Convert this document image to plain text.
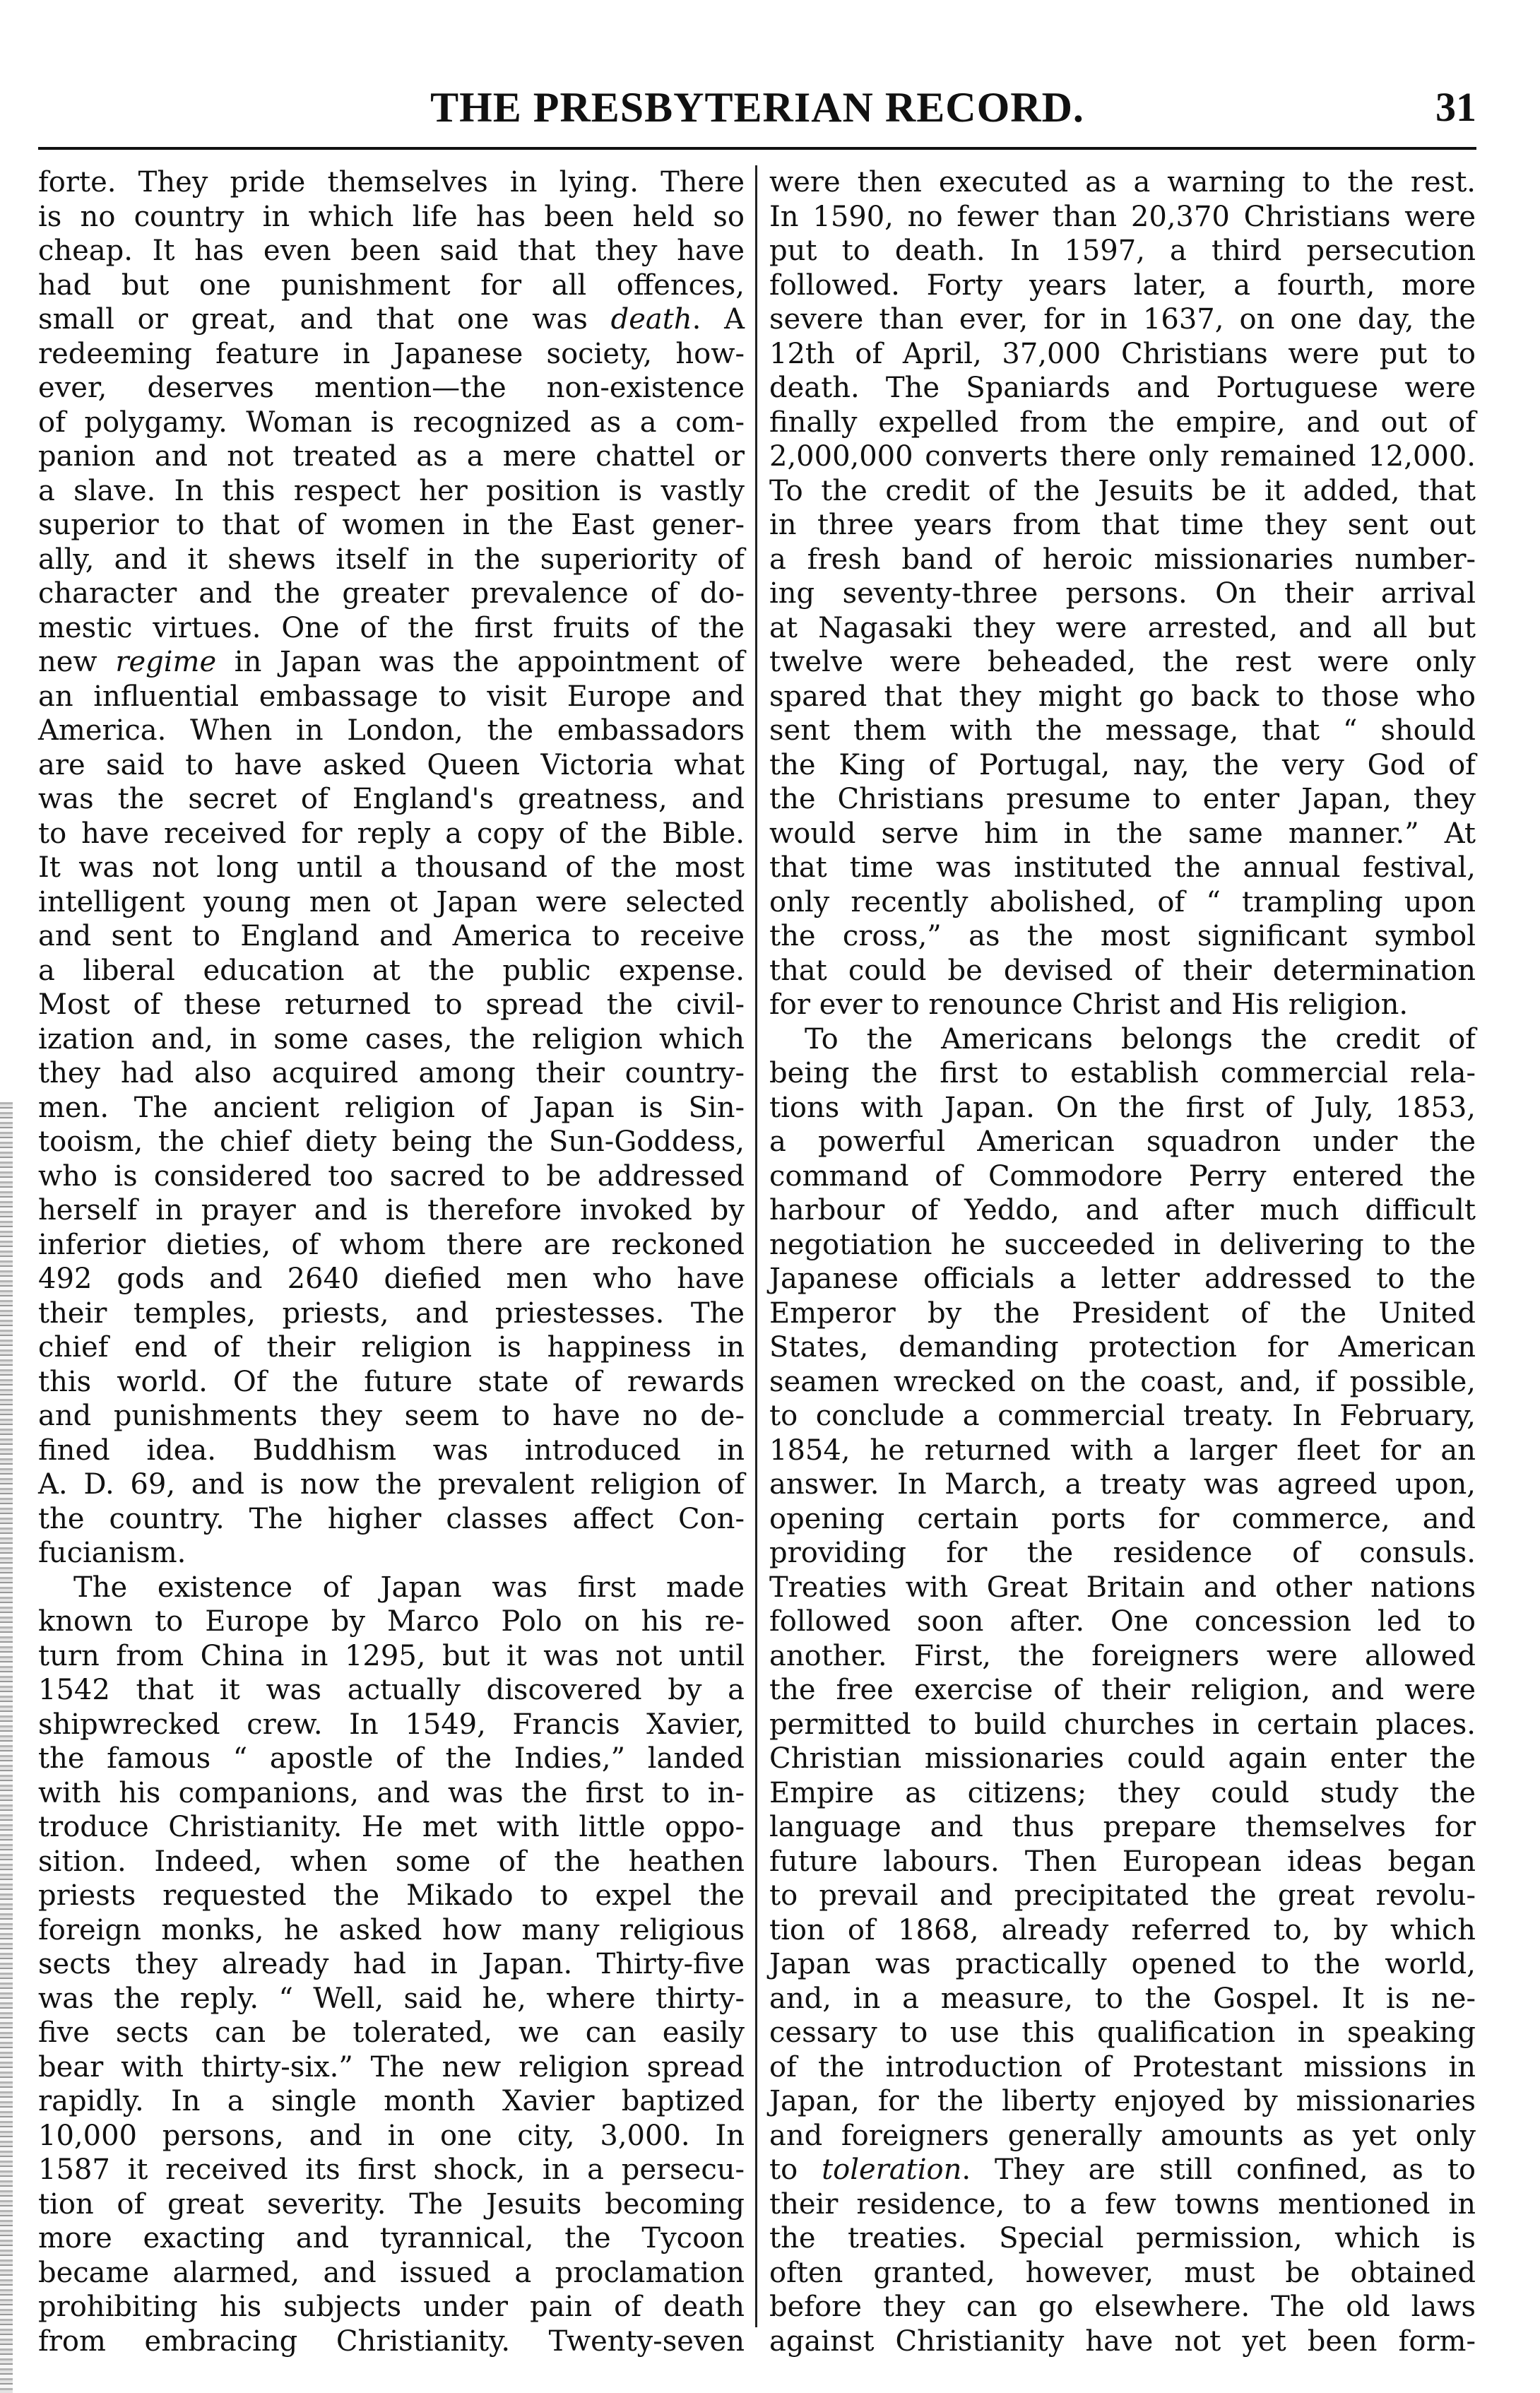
THE PRESBYTERIAN RECORD.	31
forte. They pride themselves in lying. There
is no country in which life has been held so
cheap. It has even been said that they have
had but one punishment for all offences,
small or great, and that one was death. A
redeeming feature in Japanese society, how-
ever, deserves mention—the non-existence
of polygamy. Woman is recognized as a com-
panion and not treated as a mere chattel or
a slave. In this respect her position is vastly
superior to that of women in the East gener-
ally, and it shews itself in the superiority of
character and the greater prevalence of do-
mestic virtues. One of the first fruits of the
new regime in Japan was the appointment of
an influential embassage to visit Europe and
America. When in London, the embassadors
are said to have asked Queen Victoria what
was the secret of England's greatness, and
to have received for reply a copy of the Bible.
It was not long until a thousand of the most
intelligent young men ot Japan were selected
and sent to England and America to receive
a liberal education at the public expense.
Most of these returned to spread the civil-
ization and, in some cases, the religion which
they had also acquired among their country-
men. The ancient religion of Japan is Sin-
tooism, the chief diety being the Sun-Goddess,
who is considered too sacred to be addressed
herself in prayer and is therefore invoked by
inferior dieties, of whom there are reckoned
492 gods and 2640 diefied men who have
their temples, priests, and priestesses. The
chief end of their religion is happiness in
this world. Of the future state of rewards
and punishments they seem to have no de-
fined idea. Buddhism was introduced in
A. D. 69, and is now the prevalent religion of
the country. The higher classes affect Con-
fucianism.
The existence of Japan was first made
known to Europe by Marco Polo on his re-
turn from China in 1295, but it was not until
1542 that it was actually discovered by a
shipwrecked crew. In 1549, Francis Xavier,
the famous “ apostle of the Indies,” landed
with his companions, and was the first to in-
troduce Christianity. He met with little oppo-
sition. Indeed, when some of the heathen
priests requested the Mikado to expel the
foreign monks, he asked how many religious
sects they already had in Japan. Thirty-five
was the reply. “ Well, said he, where thirty-
five sects can be tolerated, we can easily
bear with thirty-six.” The new religion spread
rapidly. In a single month Xavier baptized
10,000 persons, and in one city, 3,000. In
1587 it received its first shock, in a persecu-
tion of great severity. The Jesuits becoming
more exacting and tyrannical, the Tycoon
became alarmed, and issued a proclamation
prohibiting his subjects under pain of death
from embracing Christianity. Twenty-seven
were then executed as a warning to the rest.
In 1590, no fewer than 20,370 Christians were
put to death. In 1597, a third persecution
followed. Forty years later, a fourth, more
severe than ever, for in 1637, on one day, the
12th of April, 37,000 Christians were put to
death. The Spaniards and Portuguese were
finally expelled from the empire, and out of
2,000,000 converts there only remained 12,000.
To the credit of the Jesuits be it added, that
in three years from that time they sent out
a fresh band of heroic missionaries number-
ing seventy-three persons. On their arrival
at Nagasaki they were arrested, and all but
twelve were beheaded, the rest were only
spared that they might go back to those who
sent them with the message, that “ should
the King of Portugal, nay, the very God of
the Christians presume to enter Japan, they
would serve him in the same manner.” At
that time was instituted the annual festival,
only recently abolished, of “ trampling upon
the cross,” as the most significant symbol
that could be devised of their determination
for ever to renounce Christ and His religion.
To the Americans belongs the credit of
being the first to establish commercial rela-
tions with Japan. On the first of July, 1853,
a powerful American squadron under the
command of Commodore Perry entered the
harbour of Yeddo, and after much difficult
negotiation he succeeded in delivering to the
Japanese officials a letter addressed to the
Emperor by the President of the United
States, demanding protection for American
seamen wrecked on the coast, and, if possible,
to conclude a commercial treaty. In February,
1854, he returned with a larger fleet for an
answer. In March, a treaty was agreed upon,
opening certain ports for commerce, and
providing for the residence of consuls.
Treaties with Great Britain and other nations
followed soon after. One concession led to
another. First, the foreigners were allowed
the free exercise of their religion, and were
permitted to build churches in certain places.
Christian missionaries could again enter the
Empire as citizens; they could study the
language and thus prepare themselves for
future labours. Then European ideas began
to prevail and precipitated the great revolu-
tion of 1868, already referred to, by which
Japan was practically opened to the world,
and, in a measure, to the Gospel. It is ne-
cessary to use this qualification in speaking
of the introduction of Protestant missions in
Japan, for the liberty enjoyed by missionaries
and foreigners generally amounts as yet only
to toleration. They are still confined, as to
their residence, to a few towns mentioned in
the treaties. Special permission, which is
often granted, however, must be obtained
before they can go elsewhere. The old laws
against Christianity have not yet been form-
